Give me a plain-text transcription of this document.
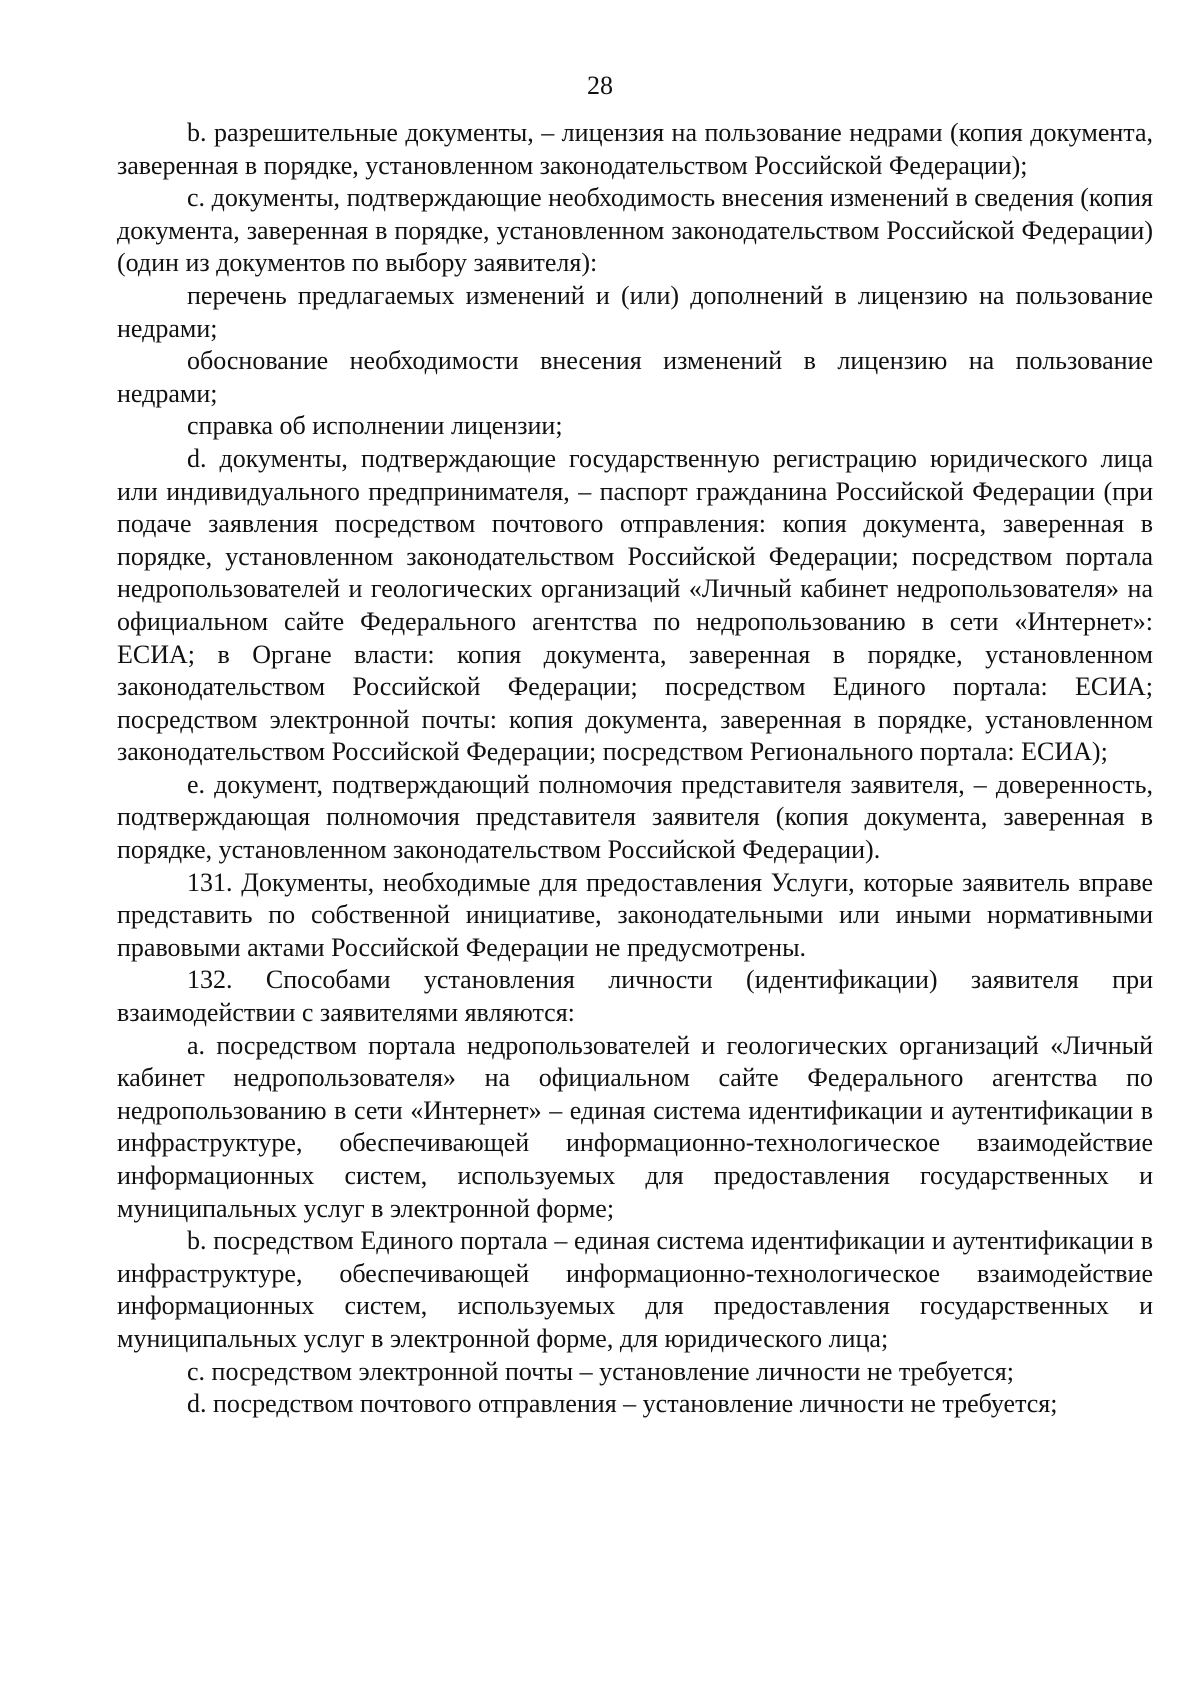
28

b. разрешительные документы, – лицензия на пользование недрами (копия документа, заверенная в порядке, установленном законодательством Российской Федерации);

c. документы, подтверждающие необходимость внесения изменений в сведения (копия документа, заверенная в порядке, установленном законодательством Российской Федерации) (один из документов по выбору заявителя):

перечень предлагаемых изменений и (или) дополнений в лицензию на пользование недрами;

обоснование необходимости внесения изменений в лицензию на пользование недрами;

справка об исполнении лицензии;

d. документы, подтверждающие государственную регистрацию юридического лица или индивидуального предпринимателя, – паспорт гражданина Российской Федерации (при подаче заявления посредством почтового отправления: копия документа, заверенная в порядке, установленном законодательством Российской Федерации; посредством портала недропользователей и геологических организаций «Личный кабинет недропользователя» на официальном сайте Федерального агентства по недропользованию в сети «Интернет»: ЕСИА; в Органе власти: копия документа, заверенная в порядке, установленном законодательством Российской Федерации; посредством Единого портала: ЕСИА; посредством электронной почты: копия документа, заверенная в порядке, установленном законодательством Российской Федерации; посредством Регионального портала: ЕСИА);

e. документ, подтверждающий полномочия представителя заявителя, – доверенность, подтверждающая полномочия представителя заявителя (копия документа, заверенная в порядке, установленном законодательством Российской Федерации).

131. Документы, необходимые для предоставления Услуги, которые заявитель вправе представить по собственной инициативе, законодательными или иными нормативными правовыми актами Российской Федерации не предусмотрены.

132. Способами установления личности (идентификации) заявителя при взаимодействии с заявителями являются:

a. посредством портала недропользователей и геологических организаций «Личный кабинет недропользователя» на официальном сайте Федерального агентства по недропользованию в сети «Интернет» – единая система идентификации и аутентификации в инфраструктуре, обеспечивающей информационно-технологическое взаимодействие информационных систем, используемых для предоставления государственных и муниципальных услуг в электронной форме;

b. посредством Единого портала – единая система идентификации и аутентификации в инфраструктуре, обеспечивающей информационно-технологическое взаимодействие информационных систем, используемых для предоставления государственных и муниципальных услуг в электронной форме, для юридического лица;

c. посредством электронной почты – установление личности не требуется;

d. посредством почтового отправления – установление личности не требуется;
